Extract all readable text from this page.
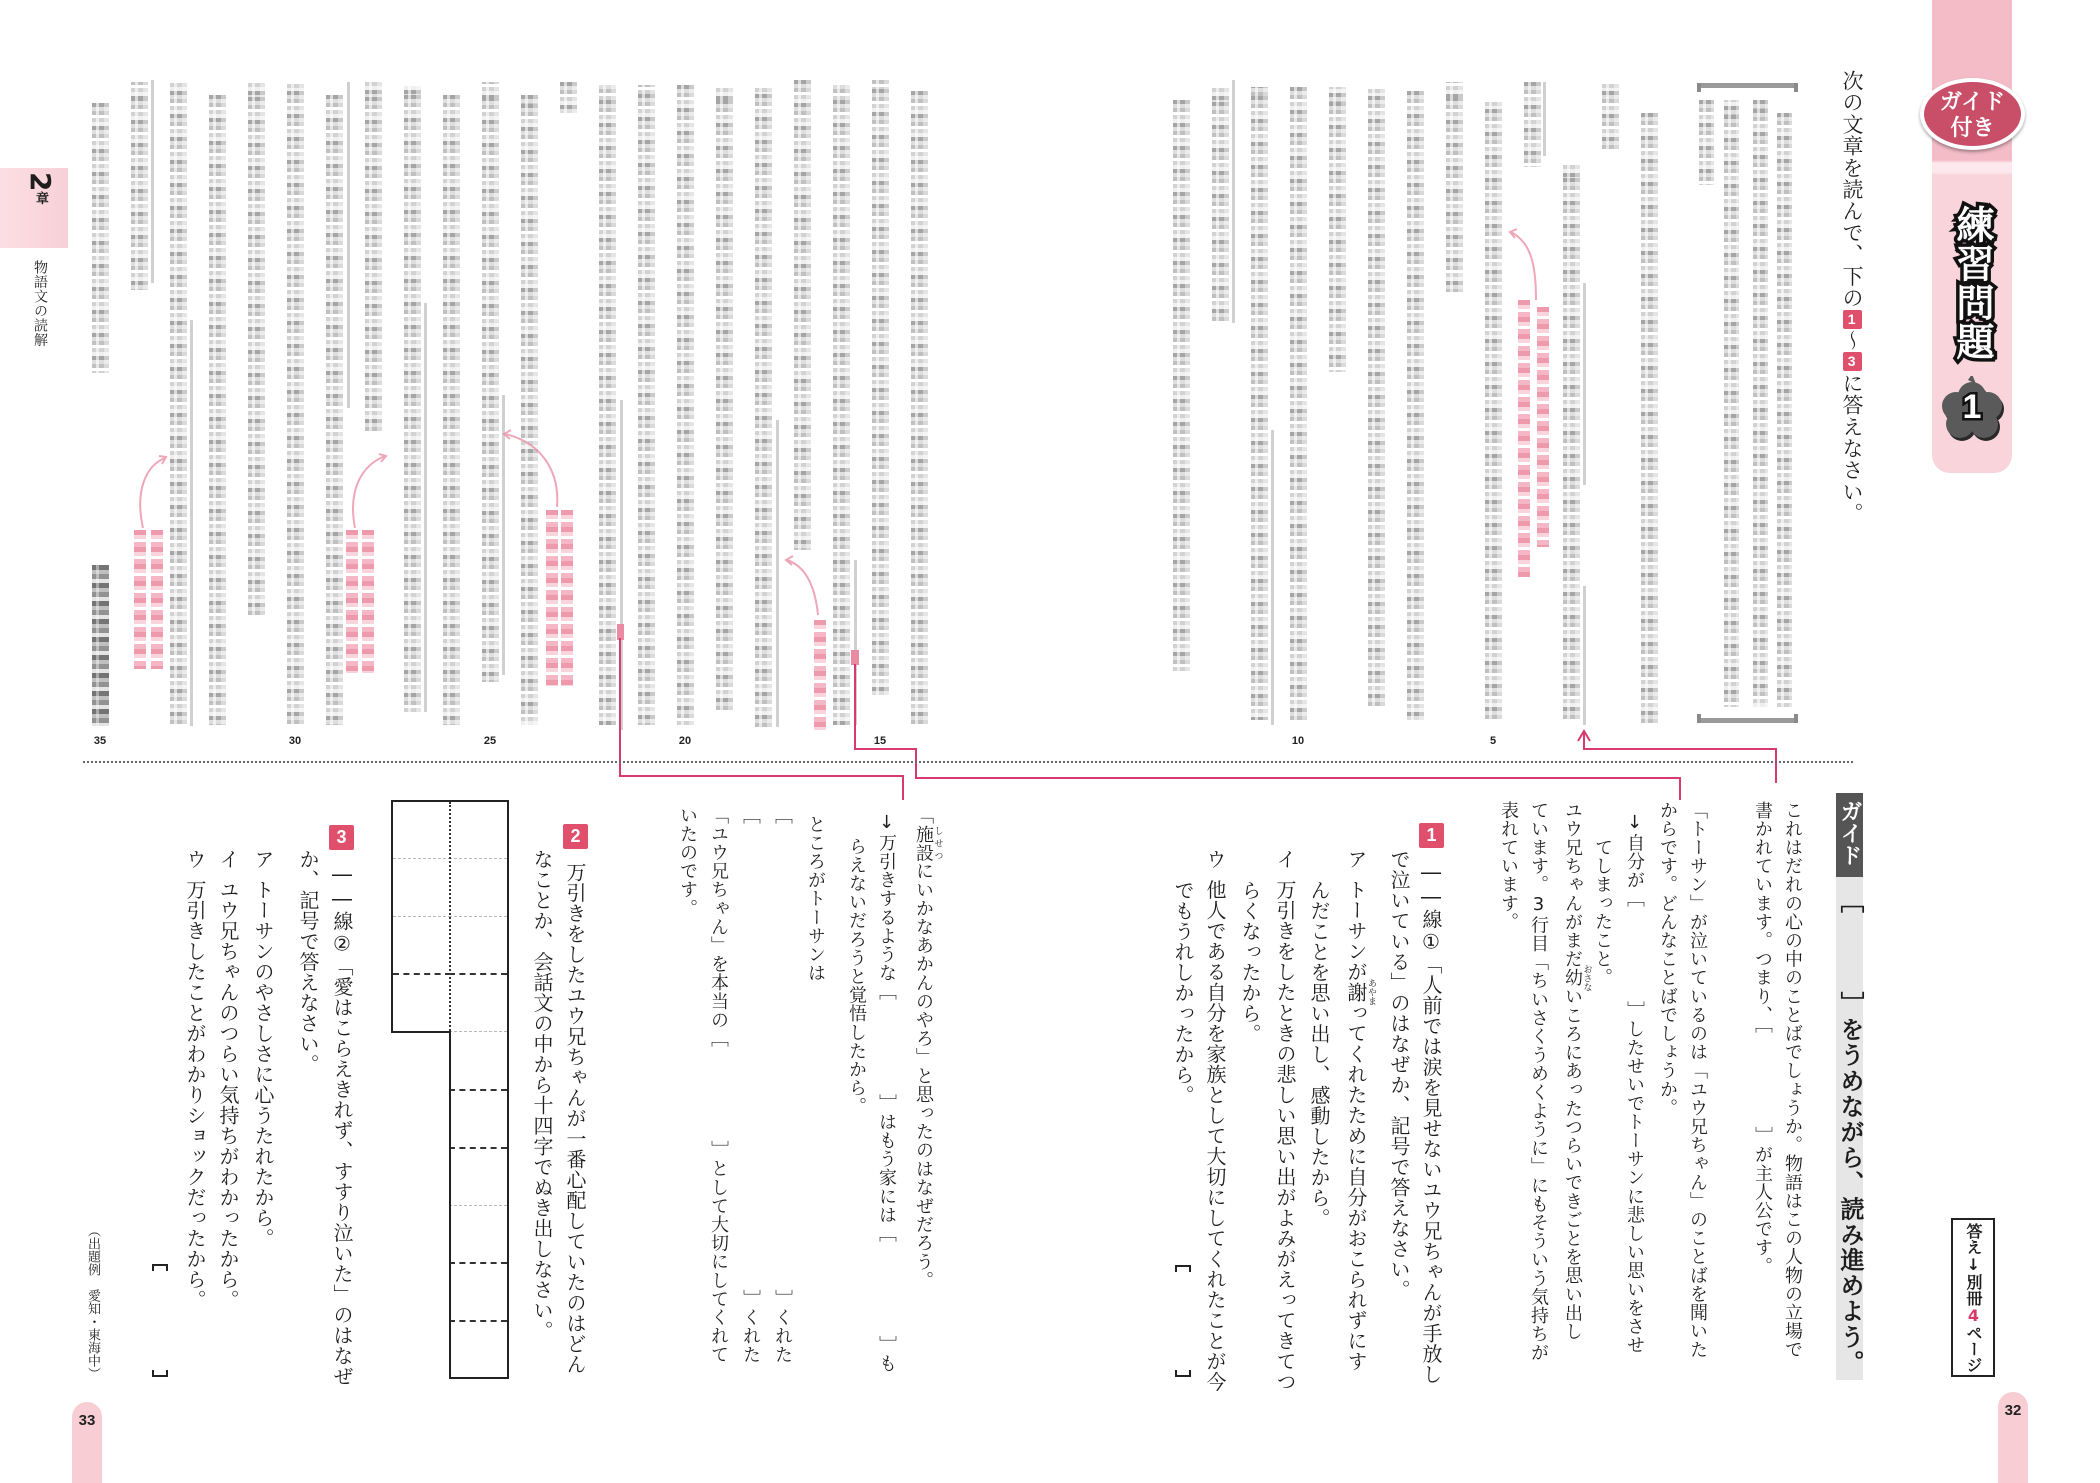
ガイド
付き
練習問題
1
次の文章を読んで、下の1～3に答えなさい。
5
10
15
20
25
30
35
ガイド
［　　　］をうめながら、読み進めよう。
これはだれの心の中のことばでしょうか。物語はこの人物の立場で
書かれています。つまり、［　　　　　］が主人公です。
「トーサン」が泣いているのは「ユウ兄ちゃん」のことばを聞いた
からです。どんなことばでしょうか。
↓自分が［　　　　　］したせいでトーサンに悲しい思いをさせ
てしまったこと。
ユウ兄ちゃんがまだ幼おさないころにあったつらいできごとを思い出し
ています。3行目「ちいさくうめくように」にもそういう気持ちが
表れています。
1
――線①「人前では涙を見せないユウ兄ちゃんが手放し
で泣いている」のはなぜか、記号で答えなさい。
アトーサンが謝あやまってくれたために自分がおこられずにす
んだことを思い出し、感動したから。
イ万引きをしたときの悲しい思い出がよみがえってきてつ
らくなったから。
ウ他人である自分を家族として大切にしてくれたことが今
でもうれしかったから。
答え↓別冊4ページ
32
2章
物語文の読解
「施設しせつにいかなあかんのやろ」と思ったのはなぜだろう。
↓万引きするような［　　　　　］はもう家には［　　　　　］も
らえないだろうと覚悟したから。
ところがトーサンは
［　　　　　　　　　　　　　　　　　　　　　　　　　］くれた
［　　　　　　　　　　　　　　　　　　　　　　　　　］くれた
「ユウ兄ちゃん」を本当の［　　　　　］として大切にしてくれて
いたのです。
2
万引きをしたユウ兄ちゃんが一番心配していたのはどん
なことか、会話文の中から十四字でぬき出しなさい。
3
――線②「愛はこらえきれず、すすり泣いた」のはなぜ
か、記号で答えなさい。
アトーサンのやさしさに心うたれたから。
イユウ兄ちゃんのつらい気持ちがわかったから。
ウ万引きしたことがわかりショックだったから。
（出題例　愛知・東海中）
33
